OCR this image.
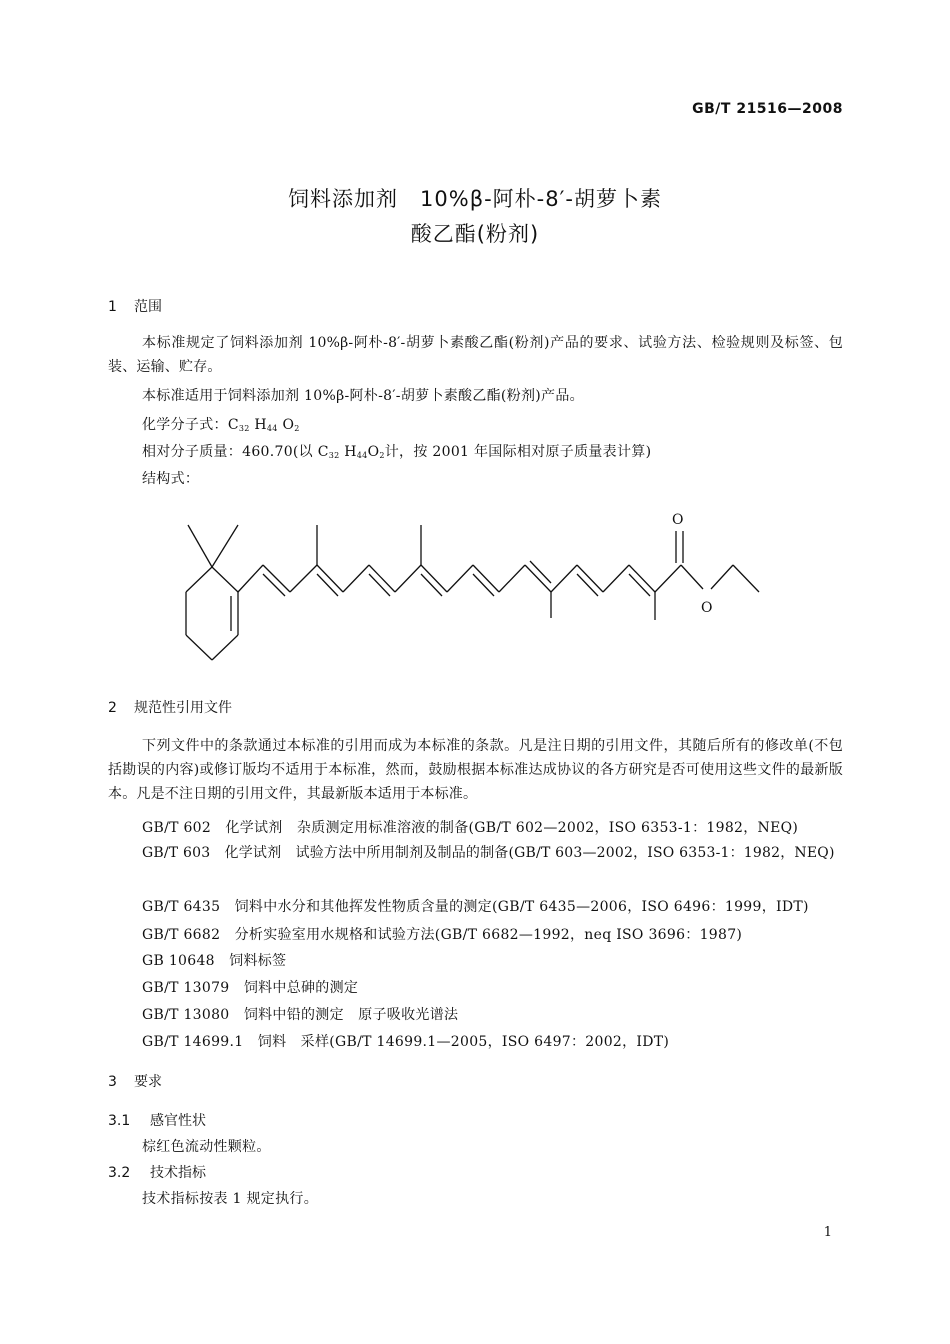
GB/T 21516—2008
饲料添加剂　10%β-阿朴-8′-胡萝卜素
酸乙酯(粉剂)
1 范围
本标准规定了饲料添加剂 10%β-阿朴-8′-胡萝卜素酸乙酯(粉剂)产品的要求、试验方法、检验规则及标签、包装、运输、贮存。
本标准适用于饲料添加剂 10%β-阿朴-8′-胡萝卜素酸乙酯(粉剂)产品。
化学分子式：$C_{32}$ $H_{44}$ $O_2$
相对分子质量：460.70(以 $C_{32}$ $H_{44}O_2$计，按 2001 年国际相对原子质量表计算)
结构式：
O
O
2 规范性引用文件
下列文件中的条款通过本标准的引用而成为本标准的条款。凡是注日期的引用文件，其随后所有的修改单(不包括勘误的内容)或修订版均不适用于本标准，然而，鼓励根据本标准达成协议的各方研究是否可使用这些文件的最新版本。凡是不注日期的引用文件，其最新版本适用于本标准。
GB/T 602　化学试剂　杂质测定用标准溶液的制备(GB/T 602—2002，ISO 6353-1：1982，NEQ)
GB/T 603　化学试剂　试验方法中所用制剂及制品的制备(GB/T 603—2002，ISO 6353-1：1982，NEQ)
GB/T 6435　饲料中水分和其他挥发性物质含量的测定(GB/T 6435—2006，ISO 6496：1999，IDT)
GB/T 6682　分析实验室用水规格和试验方法(GB/T 6682—1992，neq ISO 3696：1987)
GB 10648　饲料标签
GB/T 13079　饲料中总砷的测定
GB/T 13080　饲料中铅的测定　原子吸收光谱法
GB/T 14699.1　饲料　采样(GB/T 14699.1—2005，ISO 6497：2002，IDT)
3 要求
3.1 感官性状
棕红色流动性颗粒。
3.2 技术指标
技术指标按表 1 规定执行。
1
